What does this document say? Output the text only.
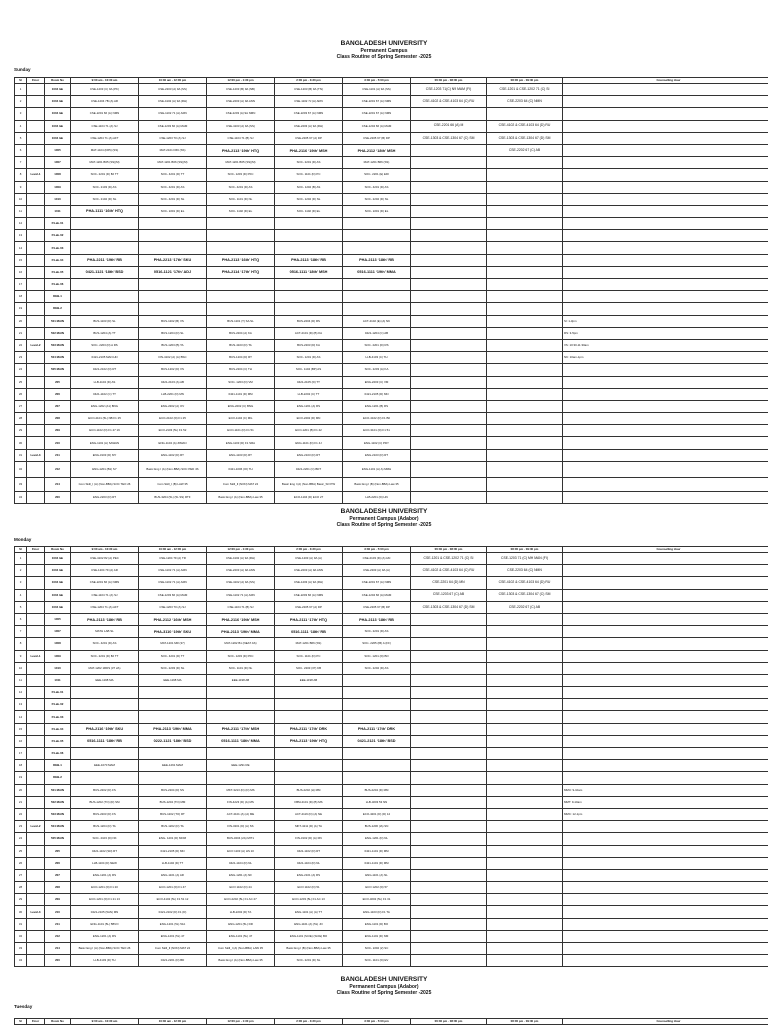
BANGLADESH UNIVERSITY
Permanent Campus
Class Routine of Spring Semester -2025
Sunday
Sl	Floor	Room No	9:00 am - 10:30 am	10:30 am - 12:00 pm	12:00 pm - 1:30 pm	2:00 pm - 3:30 pm	3:30 pm - 5:00 pm	06:30 pm - 08:00 pm	08:00 pm - 09:30 pm	Counselling Hour
1		1004 lab	CSE-1203 (C) 9A (PK)	CSE-2203 (A) 9A (SS)	CSE-1203 (B) 9A (NB)	CSE-1203 (B) 9A (TN)	CSE-1101 (A) 9A (SS)	CSE-1203 71(C) N9 MAM (FI)	CSE-1201 & CSE-1202 71 (C) SI	
2		1004 lab	CSE-1204 7B (A) AR	CSE-4102 (A) 9A (RH)	CSE-2203 (A) 9A ANN	CSE-1102 7J (A) ARN	CSE-2201 67 (A) NMN	CSE-4102 & CSE-4103 64 (C) RU	CSE-2203 64 (C) NMN	
3		1004 lab	CSE-2201 66 (A) NMN	CSE-1102 71 (A) ARN	CSE-2203 (A) 9A NMN	CSE-2203 67 (A) NMN	CSE-2201 67 (A) NMN			
4		1004 lab	CSE-1104 71 (A) SJ	CSE-1203 66 (A) MAM	CSE-4103 (A) 9A (SS)	CSE-2203 (A) 9A (RH)	CSE-1204 66 (A) MAM	CSE-2201 66 (A) M	CSE-4102 & CSE-4103 64 (D) RU	
5		1004 lab	CSE-1204 71 (A) AFT	CSE-1203 70 (A) SJ	CSE-1104 71 (B) SJ	CSE-2205 67 (A) DP	CSE-2205 67 (B) DP	CSE-1303 & CSE-1304 67 (C) SM	CSE-1303 & CSE-1304 67 (D) SM	
6		1005	MAT-1104 (D65) (SS)	MAT-2101 D66 (SS)	PHA-2113 ‘19th’ HTQ	PHA-2116 ‘19th’ MSH	PHA-2112 ‘18th’ MSH		CSE-2202 67 (C) AB	
7		1007	MAT-1201 B65 (SS)(M)	MAT-1201 B66 (SS)(M)	MAT-1201 B65 (SS)(M)	SOC- 2201 (D) AS	MAT-1201 B66 (SS)			
8	Level-1	1008	SOC- 2201 (D) BJ TT	SOC- 4201 (D) TT	SOC- 1203 (D) PFC	SOC- 1101 (D) PC	SOC- 2201 (E) EDI			
9		1009	SOC- 2103 (D) AS	SOC- 4201 (D) AS	SOC- 4201 (D) AS	SOC- 1202 (B) AS	SOC- 4201 (D) AS			
10		1010	SOC- 2102 (D) NL	SOC- 4201 (D) NL	SOC- 1101 (D) NL	SOC- 1202 (D) NL	SOC- 2202 (D) NL			
11		1011	PHA-1111 ‘16th’ HTQ	SOC- 2201 (D) EL	SOC- 1102 (D) EL	SOC- 1102 (D) EL	SOC- 2201 (D) EL			
12		P.Lab-01								
13		P.Lab-02								
14		P.Lab-03								
15		P.Lab-04	PHA-2211 ‘19th’ RB	PHA-2213 ‘17th’ SKU	PHA-2113 ‘16th’ HTQ	PHA-2113 ‘18th’ RB	PHA-2113 ‘18th’ RB			
16		P.Lab-05	0421-1121 ‘18th’ BSD	0516-1121 ‘17th’ ADJ	PHA-2114 ‘17th’ HTQ	0516-1111 ‘18th’ MSH	0516-1111 ‘19th’ MMA			
17		P.Lab-06								
18		DEB-1								
19		DEB-2								
20		501 MAIN	BUS-1103 (D) SL	BUS-1202 (B) VS	BUS-1101 (T) SA SL	BUS-2204 (D) RS	ACT-4102 (E) (A) NK			SI: 1-3pm
21		502 MAIN	BUS-1204 (A) TT	BUS-1204 (D) SL	BUS-2204 (A) KA	ACT-2101 (D) (B) KA	0421-1204 (C) AB			RS: 3-5pm
22	Level-2	503 MAIN	SOC- 2203 (D) A RS	BUS-1203 (B) TA	BUS-4103 (D) TA	BUS-2203 (D) KA	SOC- 2201 (D) RS			VS: 10:30-11:30am
23		504 MAIN	0421-2105 MAN HN	FIN-4102 (A) (A) BSC	BUS-1204 (D) RT	SOC- 1201 (D) AS	LLB-4103 (C) TH			NK: 10am-1pm
24		505 MAIN	0421-2102 (D) RT	BUS-1202 (D) VS	BUS-2204 (C) TH	SOC- 1104 (BP) AS	SOC- 2203 (A) KA			
25		205	LLB-1104 (D) AS	0421-2103 (A) AB	SOC- 1203 (D) VM	0421-2105 (D) TT	ENG-2203 (C) VM			
26		206	0421-1102 (C) TT	LLB-2201 (D) MN	0421-1101 (D) MM	LLB-2202 (C) TT	0421-2105 (D) MN			
27		207	ENG-1202 (A1) BNG	ENG-2202 (A) OV	ENG-2202 (C) BNG	ENG-1201 (A) RS	ENG-1201 (B) RS			
28		208	ECO-4101 (5L) NB F1 25	ECO-2102 (D) F1 25	ECO-1104 (C) MG	ECO-2202 (D) MN	ECO-4102 (D) F1 B0			
29		209	ECO-1102 (D) F1 47 19	ECO-2103 (5L) F1 52	ECO-1101 (D) F1 51	ECO-1201 (B) F1 42	ECO-3101 (D) F1 51			
30		210	ENG-1101 (A) SAWAN	ENG-1104 (A) ZIMAN	ENG-1103 (D) F1 SRA	ENG-1101 (D) F1 4J	ENG-1102 (C) PDY			
31	Level-3	211	ENG-3103 (D) MY	ENG-1102 (D) RT	ENG-1103 (D) RT	ENG-2103 (D) RT	ENG-2103 (D) RT			
32		212	ENG-1201 (B1) SY	Basic Eng I (A) (Non-BBA) SOC PED 4S	0421-1006 (IO) TH	0421-2201 (C) BDT	ENG-1101 (A) A) MMH			
33		214	Com Skill_I (A) (Non-BBA) SOC TEO 26	Com Skill_I (B) LAW 35	Com Skill_II (NON) MAT 24	Basic Eng I (A) (Non-BBA) Basic_SO PW	Basic Eng I (B) (Non-BBA) Law 35			
34		200	ENG-2203 (D) RT	BUS-3204 (5L) (5L SS) RTF	Basic Eng I (A) (Non-BBA) Law 35	ECO-1104 (D) ECO 27	LLB-2201 (D) HN			
BANGLADESH UNIVERSITY
Permanent Campus (Adabor)
Class Routine of Spring Semester -2025
Monday
Sl	Floor	Room No	9:00 am - 10:30 am	10:30 am - 12:00 pm	12:00 pm - 1:30 pm	2:00 pm - 3:30 pm	3:30 pm - 5:00 pm	06:30 pm - 08:00 pm	08:00 pm - 09:30 pm	Counselling Hour
1		1004 lab	CSE-4102 82 (A) PEC	CSE-1204 79 (A) TR	CSE-4102 (A) 9A (RH)	CSE-1203 (A) 9A (A)	CSE-2103 (D) (A) HN	CSE-1201 & CSE-1202 71 (C) SI	CSE-1203 71 (C) MH MAN (FI)	
2		1004 lab	CSE-1204 79 (A) AR	CSE-1102 71 (A) ARN	CSE-2203 (A) 9A ANN	CSE-2203 (A) 9A ANN	CSE-2203 (A) 9A (A)	CSE-4102 & CSE-4103 64 (C) RU	CSE-2203 64 (C) NMN	
3		1004 lab	CSE-2201 66 (A) NMN	CSE-1102 71 (A) ARN	CSE-4102 (A) 9A (SS)	CSE-1203 (A) 9A (RH)	CSE-2201 67 (A) NMN	CSE-2201 64 (D) MN	CSE-4102 & CSE-4103 64 (D) RU	
4		1004 lab	CSE-1104 71 (A) SJ	CSE-1203 66 (A) MAM	CSE-1102 71 (A) ARN	CSE-2203 66 (A) NMN	CSE-1204 66 (A) MAM	CSE-1203 67 (C) AB	CSE-1303 & CSE-1304 67 (C) SM	
5		1004 lab	CSE-1204 71 (A) AFT	CSE-1203 70 (A) SJ	CSE-1104 71 (B) SJ	CSE-2205 67 (A) DP	CSE-2205 67 (B) DP	CSE-1303 & CSE-1304 67 (D) SM	CSE-2202 67 (C) AB	
6		1005	PHA-2113 ‘18th’ RB	PHA-2112 ‘16th’ MSH	PHA-2116 ‘19th’ MSH	PHA-2111 ‘17th’ HTQ	PHA-2113 ‘18th’ RB			
7		1007	MATH LAB SL	PHA-3110 ‘19th’ SKU	PHA-2113 ‘19th’ MMA	0516-1111 ‘18th’ RB	SOC- 2201 (D) AS			
8		1008	SOC- 4201 (D) AS	MAT-1201 MR (37)	MAT-1202 B1 (NEAT AS)	MAT-1201 B66 (SS)	SOC- 2205 (IB) A (FF)			
9	Level-1	1009	SOC- 2201 (D) BJ TT	SOC- 4201 (D) TT	SOC- 1203 (D) PFC	SOC- 1101 (D) PC	SOC- 1201 (D) BO			
10		1010	MAT-1202 1RDS (37 2A)	SOC- 2203 (D) NL	SOC- 1101 (D) NL	SOC- 2203 (37) KB	SOC- 2202 (D) AS			
11		1011	EEE-1198 MA	EEE-1198 MA	EEE-1198 AB	EEE-1198 AB				
12		P.Lab-01								
13		P.Lab-02								
14		P.Lab-03								
15		P.Lab-04	PHA-2116 ‘19th’ SKU	PHA-2113 ‘19th’ MMA	PHA-2111 ‘17th’ MSH	PHA-2111 ‘17th’ DRK	PHA-2111 ‘17th’ DRK			
16		P.Lab-05	0516-1111 ‘18th’ RB	0222-1121 ‘18th’ BSD	0516-1111 ‘18th’ MMA	PHA-2113 ‘19th’ HTQ	0421-2121 ‘18th’ BSD			
17		P.Lab-06								
18		DEB-1	EEE-1070 MAM	EEE-1291 MAM	EEE-1291 RE					
19		DEB-2								
20		501 MAIN	BUS-2202 (D) FS	BUS-2204 (D) SS	MKT-3213 (D) (D) MS	BUS-2202 (H) MM	BUS-2204 (D) MM			MMU: 9-10am
21		502 MAIN	BUS-1202 (TO) (D) SM	BUS-1204 (TO) MM	FIN-4223 (D) (A) MS	FBM-4101 (D) (B) MS	LLB-3203 53 NN			MMT: 9-10am
22		503 MAIN	BUS-2203 (D) FS	BUS-1202 (TO) RT	ACT-4101 (A) (A) ME	ACT-4119 (D) (A) NE	ECO-4201 (D) (D) 12			MMC: 12-1pm
23	Level-2	504 MAIN	BUS-1204 (D) TA	BUS-1202 (D) TA	FIN-3201 (D) (A) SS	MKT-4211 (D) (A) TA	BUS-1206 (IA) SN			
24		505 MAIN	SOC- 2103 (D) NK	ENG- 1201 (D) MOM	BUS-3204 (2A) MIT1	FIN-3102 (D) (A) RN	ENG-1201 (D) NL			
25		205	0421-1102 (SD) RT	0421-2105 (D) MN	ECO 1103 (A) HS 10	0421-1102 (D) RT	0421-1101 (D) MM			
26		206	LLB-1104 (D) NEW	LLB-1102 (D) TT	0421-1104 (D) NL	0421-1104 (D) NL	0421-1101 (D) MM			
27		207	ENG-1201 (A) RS	ENG-1101 (A) AR	ENG-1201 (A) NF	ENG-2101 (A) RS	ENG-1101 (A) NL			
28		208	ECO-1201 (D) F1 20	ECO-1201 (D) F1 47	ECO 1102 (D) 44	ECO 1102 (D) 51	ECO 1202 (D) 57			
29		209	ECO-1201 (D) F1 21 13	ECO-4102 (5L) F1 51 12	ECO-2202 (5L) F1 AC 27	ECO-1203 (5L) F1 AC 13	ECO-3202 (5L) F1 31			
30	Level-3	210	0421-2105 (5AN) MN	0421-2102 (D) F1 (D)	LLB-2202 (D) TA	ENG-1101 (A) (A) TT	ENG-1103 (D) F1 TA			
31		211	ENG-1101 (5L) 5BVO	ENG-1201 (5L) 5JA	ENG-1201 (5L) DR	ENG-1101 (A) (5L) JO	ENG-1101 (D) BO			
32		212	ENG-1201 (A) RS	ENG-1201 (5L) 47	ENG-1101 (5L) 47	ENG-1101 (SCIE) (SCIE) BO	ENG-1101 (D) NM			
33		214	Basic Eng I (A) (Non-BBA) SOC TEO 26	Com Skill_II (NON) MAT 24	Com Skill_I (A) (Non-BBA) LAW 35	Basic Eng I (B) (Non-BBA) Law 35	SOC- 2202 (2) SC			
34		200	LLB-4103 (D) TH	0421-2201 (D) BD	Basic Eng I (A) (Non-BBA) Law 35	SOC- 2201 (D) NL	SOC- 1101 (D) EV			
BANGLADESH UNIVERSITY
Permanent Campus (Adabor)
Class Routine of Spring Semester -2025
Tuesday
Sl	Floor	Room No	9:00 am - 10:30 am	10:30 am - 12:00 pm	12:00 pm - 1:30 pm	2:00 pm - 3:30 pm	3:30 pm - 5:00 pm	06:30 pm - 08:00 pm	08:00 pm - 09:30 pm	Counselling Hour
